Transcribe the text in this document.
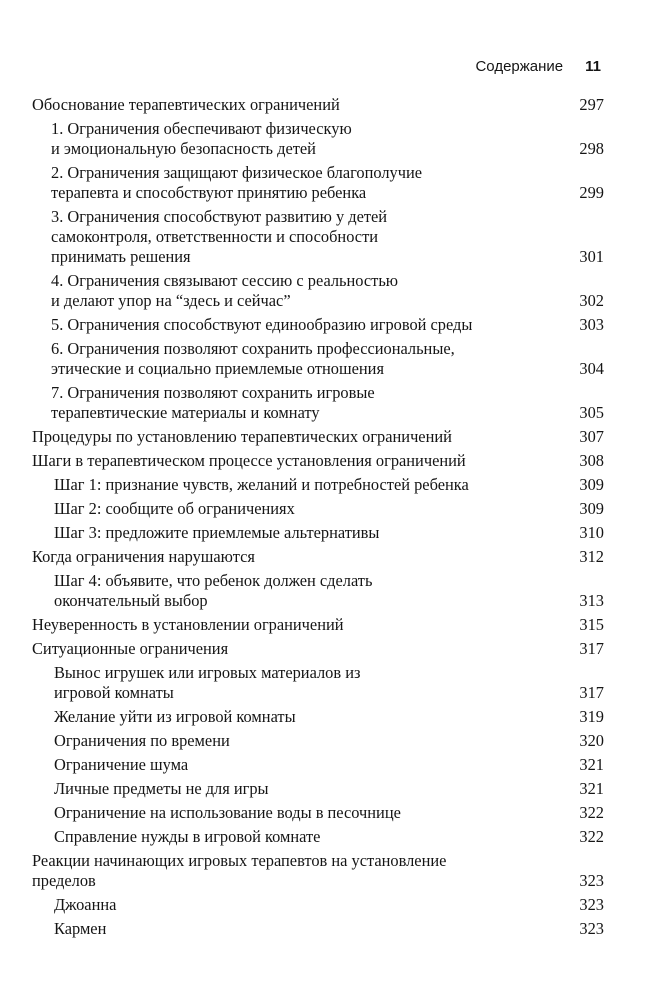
Содержание 11
Обоснование терапевтических ограничений	297
1. Ограничения обеспечивают физическую
и эмоциональную безопасность детей	298
2. Ограничения защищают физическое благополучие
терапевта и способствуют принятию ребенка	299
3. Ограничения способствуют развитию у детей
самоконтроля, ответственности и способности
принимать решения	301
4. Ограничения связывают сессию с реальностью
и делают упор на “здесь и сейчас”	302
5. Ограничения способствуют единообразию игровой среды	303
6. Ограничения позволяют сохранить профессиональные,
этические и социально приемлемые отношения	304
7. Ограничения позволяют сохранить игровые
терапевтические материалы и комнату	305
Процедуры по установлению терапевтических ограничений	307
Шаги в терапевтическом процессе установления ограничений	308
Шаг 1: признание чувств, желаний и потребностей ребенка	309
Шаг 2: сообщите об ограничениях	309
Шаг 3: предложите приемлемые альтернативы	310
Когда ограничения нарушаются	312
Шаг 4: объявите, что ребенок должен сделать
окончательный выбор	313
Неуверенность в установлении ограничений	315
Ситуационные ограничения	317
Вынос игрушек или игровых материалов из
игровой комнаты	317
Желание уйти из игровой комнаты	319
Ограничения по времени	320
Ограничение шума	321
Личные предметы не для игры	321
Ограничение на использование воды в песочнице	322
Справление нужды в игровой комнате	322
Реакции начинающих игровых терапевтов на установление
пределов	323
Джоанна	323
Кармен	323
